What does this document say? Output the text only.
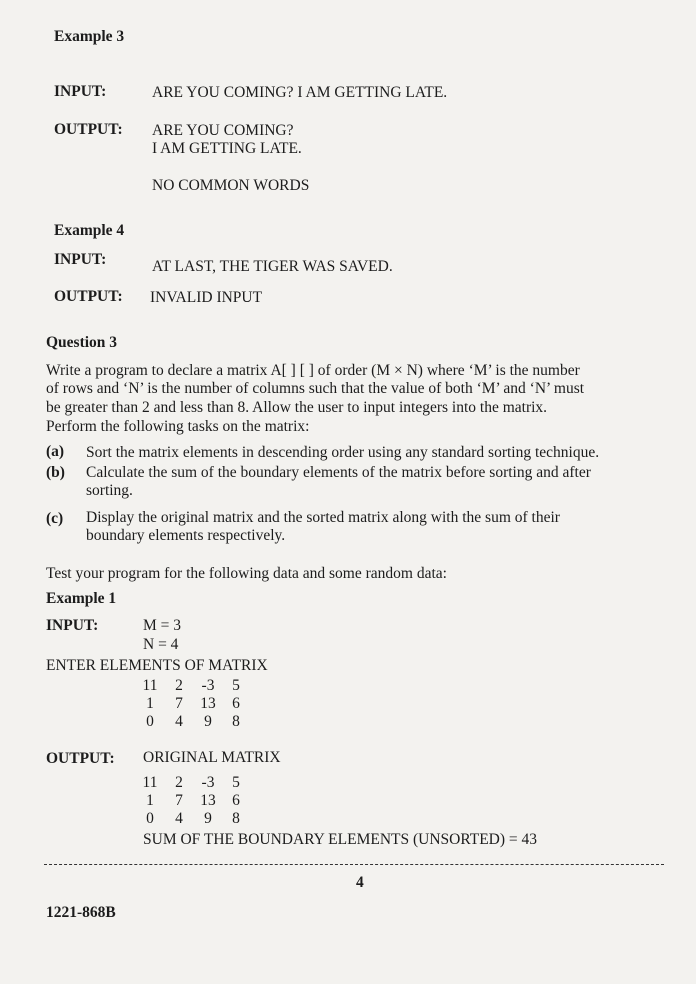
Example 3
INPUT:	ARE YOU COMING? I AM GETTING LATE.
OUTPUT: ARE YOU COMING?
I AM GETTING LATE.
NO COMMON WORDS
Example 4
INPUT:	AT LAST, THE TIGER WAS SAVED.
OUTPUT: INVALID INPUT
Question 3
Write a program to declare a matrix A[ ] [ ] of order (M × N) where ‘M’ is the number
of rows and ‘N’ is the number of columns such that the value of both ‘M’ and ‘N’ must
be greater than 2 and less than 8. Allow the user to input integers into the matrix.
Perform the following tasks on the matrix:
(a) Sort the matrix elements in descending order using any standard sorting technique.
(b) Calculate the sum of the boundary elements of the matrix before sorting and after
sorting.
(c) Display the original matrix and the sorted matrix along with the sum of their
boundary elements respectively.
Test your program for the following data and some random data:
Example 1
INPUT:	M = 3
N = 4
ENTER ELEMENTS OF MATRIX
11	2	-3	5
1	7	13	6
0	4	9	8
OUTPUT: ORIGINAL MATRIX
11	2	-3	5
1	7	13	6
0	4	9	8
SUM OF THE BOUNDARY ELEMENTS (UNSORTED) = 43
4
1221-868B
